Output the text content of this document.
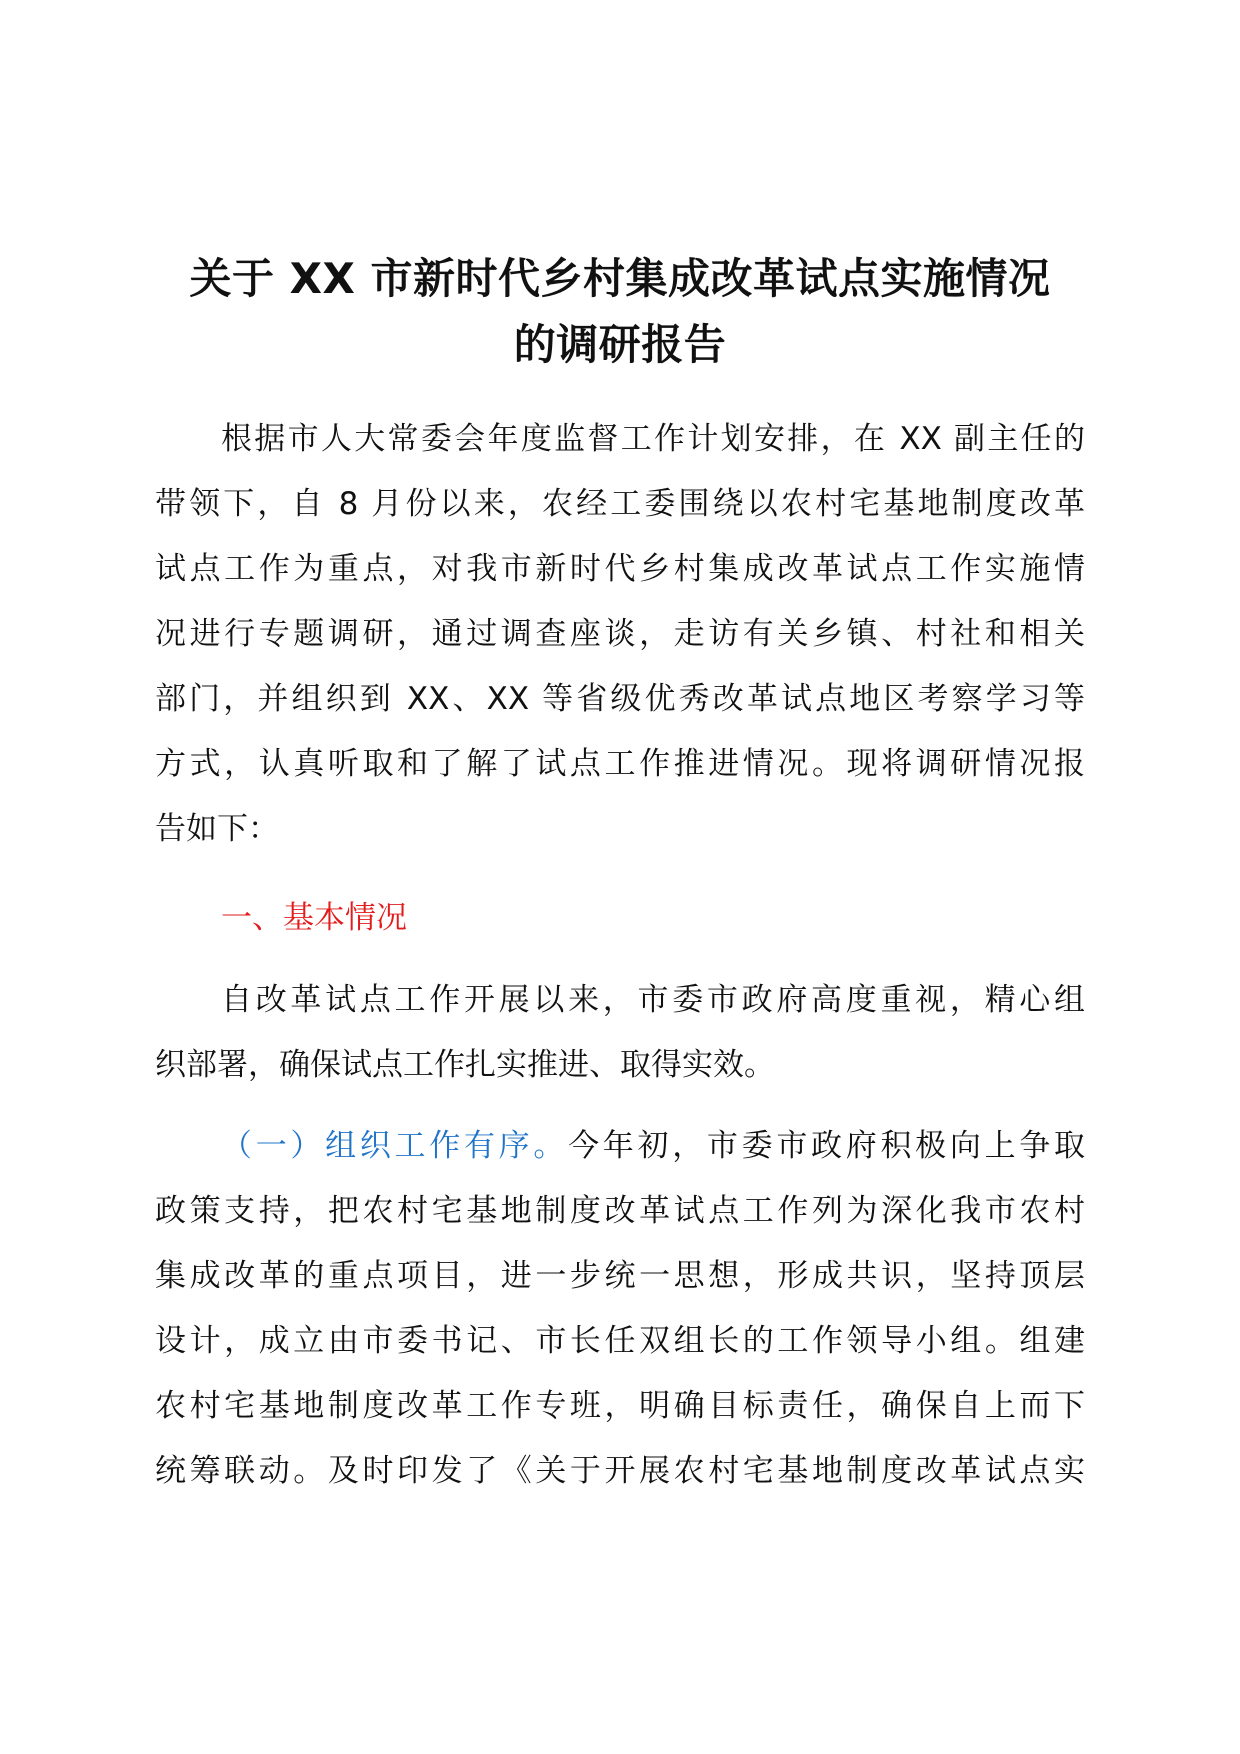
关于 XX 市新时代乡村集成改革试点实施情况
的调研报告
根据市人大常委会年度监督工作计划安排，在 XX 副主任的
带领下，自 8 月份以来，农经工委围绕以农村宅基地制度改革
试点工作为重点，对我市新时代乡村集成改革试点工作实施情
况进行专题调研，通过调查座谈，走访有关乡镇、村社和相关
部门，并组织到 XX、XX 等省级优秀改革试点地区考察学习等
方式，认真听取和了解了试点工作推进情况。现将调研情况报
告如下：
一、基本情况
自改革试点工作开展以来，市委市政府高度重视，精心组
织部署，确保试点工作扎实推进、取得实效。
（一）组织工作有序。今年初，市委市政府积极向上争取
政策支持，把农村宅基地制度改革试点工作列为深化我市农村
集成改革的重点项目，进一步统一思想，形成共识，坚持顶层
设计，成立由市委书记、市长任双组长的工作领导小组。组建
农村宅基地制度改革工作专班，明确目标责任，确保自上而下
统筹联动。及时印发了《关于开展农村宅基地制度改革试点实
